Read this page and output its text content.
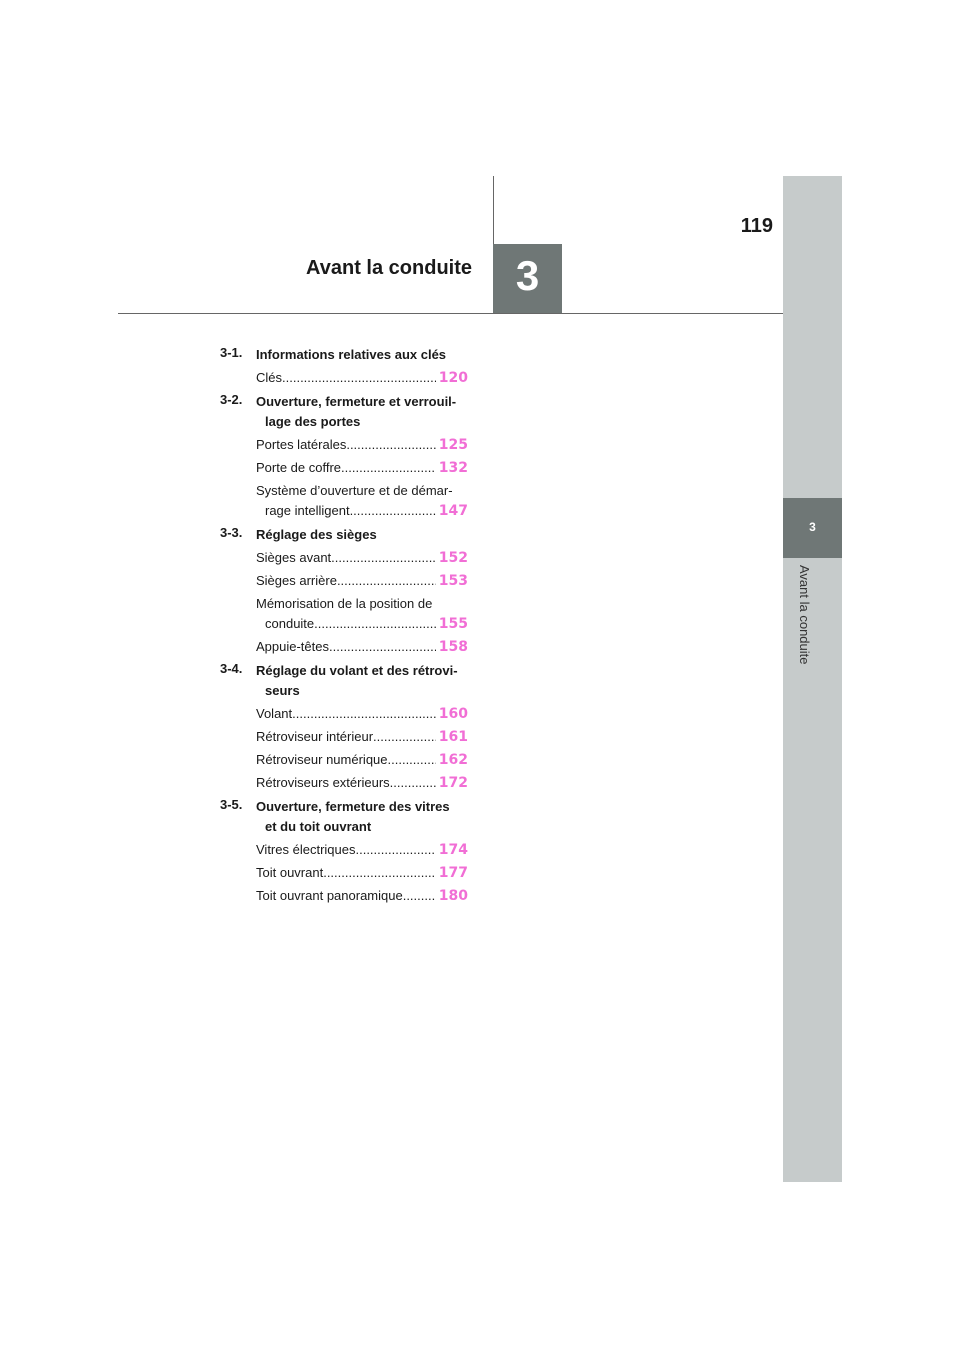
3
Avant la conduite
3
119
Avant la conduite
3-1.	Informations relatives aux clés
Clés .....	120
3-2.	Ouverture, fermeture et verrouil-
lage des portes
Portes latérales .....	125
Porte de coffre .....	132
Système d’ouverture et de démar-
rage intelligent .....	147
3-3.	Réglage des sièges
Sièges avant .....	152
Sièges arrière .....	153
Mémorisation de la position de
conduite .....	155
Appuie-têtes .....	158
3-4.	Réglage du volant et des rétrovi-
seurs
Volant .....	160
Rétroviseur intérieur .....	161
Rétroviseur numérique .....	162
Rétroviseurs extérieurs .....	172
3-5.	Ouverture, fermeture des vitres
et du toit ouvrant
Vitres électriques .....	174
Toit ouvrant .....	177
Toit ouvrant panoramique .....	180
